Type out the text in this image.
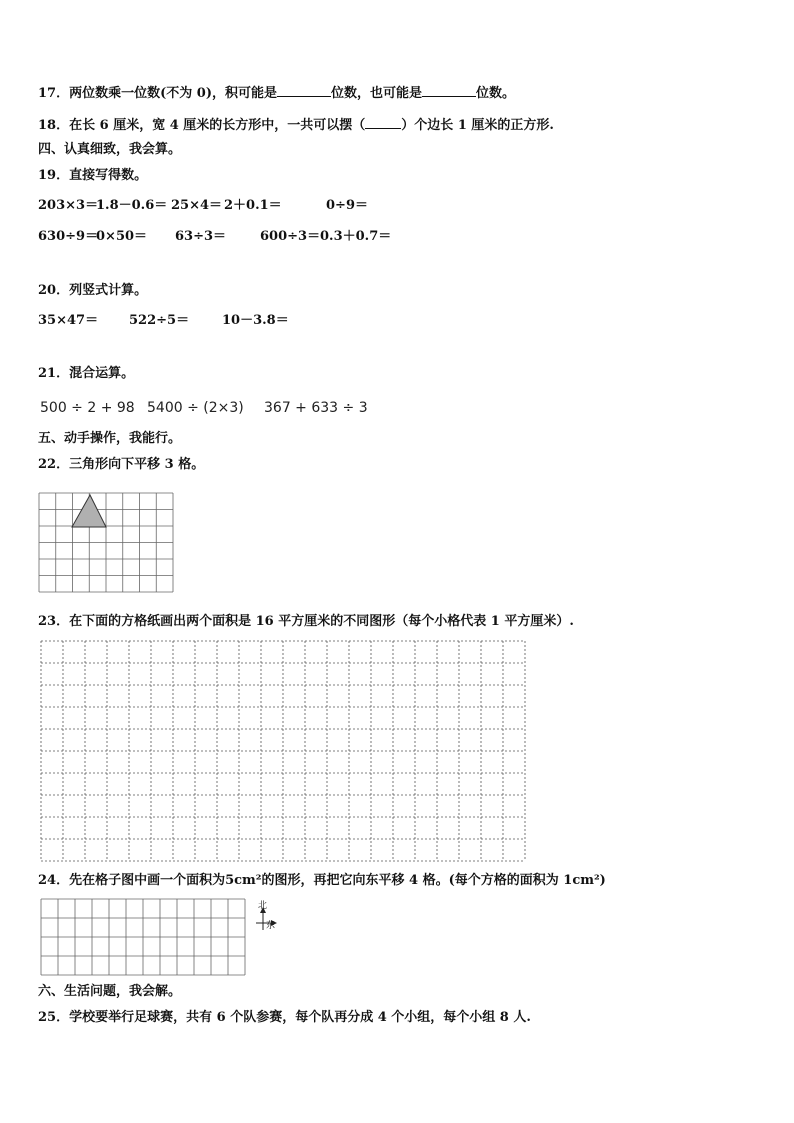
17．两位数乘一位数(不为 0)，积可能是	位数，也可能是	位数。
18．在长 6 厘米，宽 4 厘米的长方形中，一共可以摆（	）个边长 1 厘米的正方形.
四、认真细致，我会算。
19．直接写得数。
203×3＝
1.8－0.6＝ 25×4＝ 2＋0.1＝	0÷9＝
630÷9＝
0×50＝ 63÷3＝	600÷3＝ 0.3＋0.7＝
20．列竖式计算。
35×47＝ 522÷5＝	10－3.8＝
21．混合运算。
500 ÷ 2 + 98 5400 ÷ (2×3) 367 + 633 ÷ 3
五、动手操作，我能行。
22．三角形向下平移 3 格。
23．在下面的方格纸画出两个面积是 16 平方厘米的不同图形（每个小格代表 1 平方厘米）.
24．先在格子图中画一个面积为5cm²的图形，再把它向东平移 4 格。(每个方格的面积为 1cm²)
北
东
六、生活问题，我会解。
25．学校要举行足球赛，共有 6 个队参赛，每个队再分成 4 个小组，每个小组 8 人.
